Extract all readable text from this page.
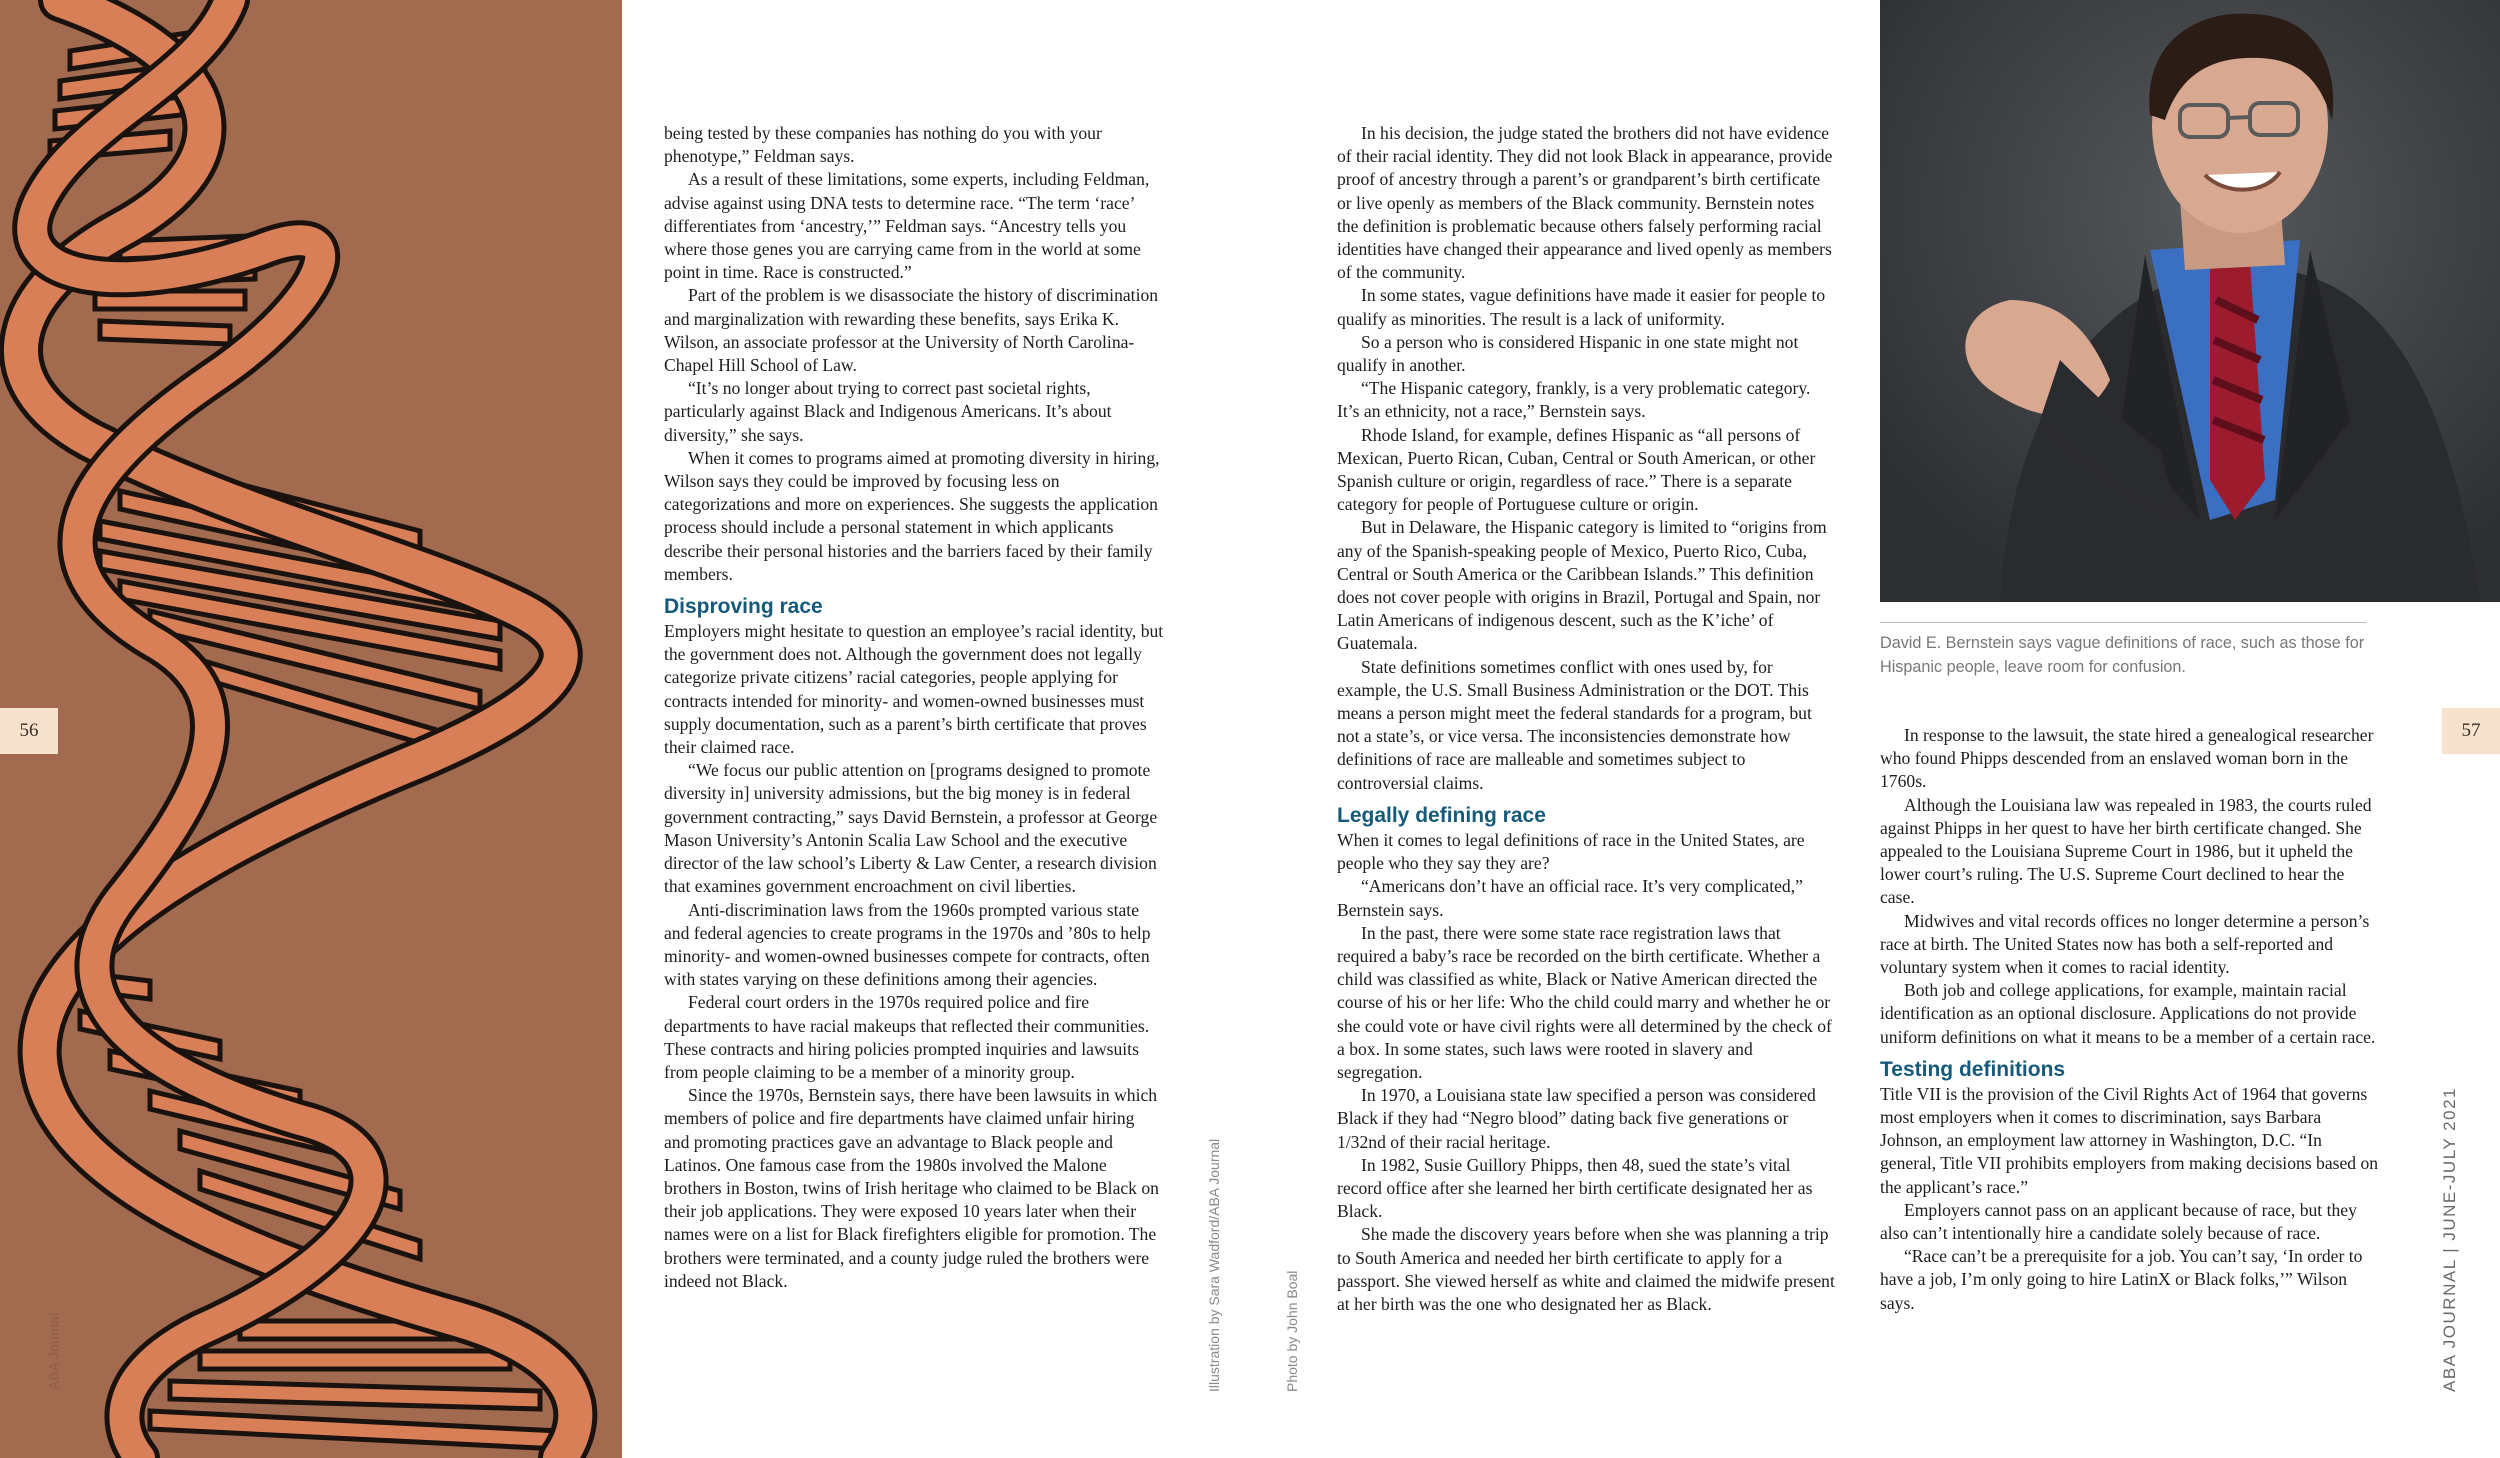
56
ABA Journal

being tested by these companies has nothing do you with your phenotype,” Feldman says.

As a result of these limitations, some experts, including Feldman, advise against using DNA tests to determine race. “The term ‘race’ differentiates from ‘ancestry,’” Feldman says. “Ancestry tells you where those genes you are carrying came from in the world at some point in time. Race is constructed.”

Part of the problem is we disassociate the history of discrimination and marginalization with rewarding these benefits, says Erika K. Wilson, an associate professor at the University of North Carolina-Chapel Hill School of Law.

“It’s no longer about trying to correct past societal rights, particularly against Black and Indigenous Americans. It’s about diversity,” she says.

When it comes to programs aimed at promoting diversity in hiring, Wilson says they could be improved by focusing less on categorizations and more on experiences. She suggests the application process should include a personal statement in which applicants describe their personal histories and the barriers faced by their family members.

Disproving race

Employers might hesitate to question an employee’s racial identity, but the government does not. Although the government does not legally categorize private citizens’ racial categories, people applying for contracts intended for minority- and women-owned businesses must supply documentation, such as a parent’s birth certificate that proves their claimed race.

“We focus our public attention on [programs designed to promote diversity in] university admissions, but the big money is in federal government contracting,” says David Bernstein, a professor at George Mason University’s Antonin Scalia Law School and the executive director of the law school’s Liberty & Law Center, a research division that examines government encroachment on civil liberties.

Anti-discrimination laws from the 1960s prompted various state and federal agencies to create programs in the 1970s and ’80s to help minority- and women-owned businesses compete for contracts, often with states varying on these definitions among their agencies.

Federal court orders in the 1970s required police and fire departments to have racial makeups that reflected their communities. These contracts and hiring policies prompted inquiries and lawsuits from people claiming to be a member of a minority group.

Since the 1970s, Bernstein says, there have been lawsuits in which members of police and fire departments have claimed unfair hiring and promoting practices gave an advantage to Black people and Latinos. One famous case from the 1980s involved the Malone brothers in Boston, twins of Irish heritage who claimed to be Black on their job applications. They were exposed 10 years later when their names were on a list for Black firefighters eligible for promotion. The brothers were terminated, and a county judge ruled the brothers were indeed not Black.

In his decision, the judge stated the brothers did not have evidence of their racial identity. They did not look Black in appearance, provide proof of ancestry through a parent’s or grandparent’s birth certificate or live openly as members of the Black community. Bernstein notes the definition is problematic because others falsely performing racial identities have changed their appearance and lived openly as members of the community.

In some states, vague definitions have made it easier for people to qualify as minorities. The result is a lack of uniformity.

So a person who is considered Hispanic in one state might not qualify in another.

“The Hispanic category, frankly, is a very problematic category. It’s an ethnicity, not a race,” Bernstein says.

Rhode Island, for example, defines Hispanic as “all persons of Mexican, Puerto Rican, Cuban, Central or South American, or other Spanish culture or origin, regardless of race.” There is a separate category for people of Portuguese culture or origin.

But in Delaware, the Hispanic category is limited to “origins from any of the Spanish-speaking people of Mexico, Puerto Rico, Cuba, Central or South America or the Caribbean Islands.” This definition does not cover people with origins in Brazil, Portugal and Spain, nor Latin Americans of indigenous descent, such as the K’iche’ of Guatemala.

State definitions sometimes conflict with ones used by, for example, the U.S. Small Business Administration or the DOT. This means a person might meet the federal standards for a program, but not a state’s, or vice versa. The inconsistencies demonstrate how definitions of race are malleable and sometimes subject to controversial claims.

Legally defining race

When it comes to legal definitions of race in the United States, are people who they say they are?

“Americans don’t have an official race. It’s very complicated,” Bernstein says.

In the past, there were some state race registration laws that required a baby’s race be recorded on the birth certificate. Whether a child was classified as white, Black or Native American directed the course of his or her life: Who the child could marry and whether he or she could vote or have civil rights were all determined by the check of a box. In some states, such laws were rooted in slavery and segregation.

In 1970, a Louisiana state law specified a person was considered Black if they had “Negro blood” dating back five generations or 1/32nd of their racial heritage.

In 1982, Susie Guillory Phipps, then 48, sued the state’s vital record office after she learned her birth certificate designated her as Black.

She made the discovery years before when she was planning a trip to South America and needed her birth certificate to apply for a passport. She viewed herself as white and claimed the midwife present at her birth was the one who designated her as Black.

Illustration by Sara Wadford/ABA Journal	Photo by John Boal
David E. Bernstein says vague definitions of race, such as those for Hispanic people, leave room for confusion.
57

In response to the lawsuit, the state hired a genealogical researcher who found Phipps descended from an enslaved woman born in the 1760s.

Although the Louisiana law was repealed in 1983, the courts ruled against Phipps in her quest to have her birth certificate changed. She appealed to the Louisiana Supreme Court in 1986, but it upheld the lower court’s ruling. The U.S. Supreme Court declined to hear the case.

Midwives and vital records offices no longer determine a person’s race at birth. The United States now has both a self-reported and voluntary system when it comes to racial identity.

Both job and college applications, for example, maintain racial identification as an optional disclosure. Applications do not provide uniform definitions on what it means to be a member of a certain race.

Testing definitions

Title VII is the provision of the Civil Rights Act of 1964 that governs most employers when it comes to discrimination, says Barbara Johnson, an employment law attorney in Washington, D.C. “In general, Title VII prohibits employers from making decisions based on the applicant’s race.”

Employers cannot pass on an applicant because of race, but they also can’t intentionally hire a candidate solely because of race.

“Race can’t be a prerequisite for a job. You can’t say, ‘In order to have a job, I’m only going to hire LatinX or Black folks,’” Wilson says.	ABA JOURNAL | JUNE-JULY 2021
